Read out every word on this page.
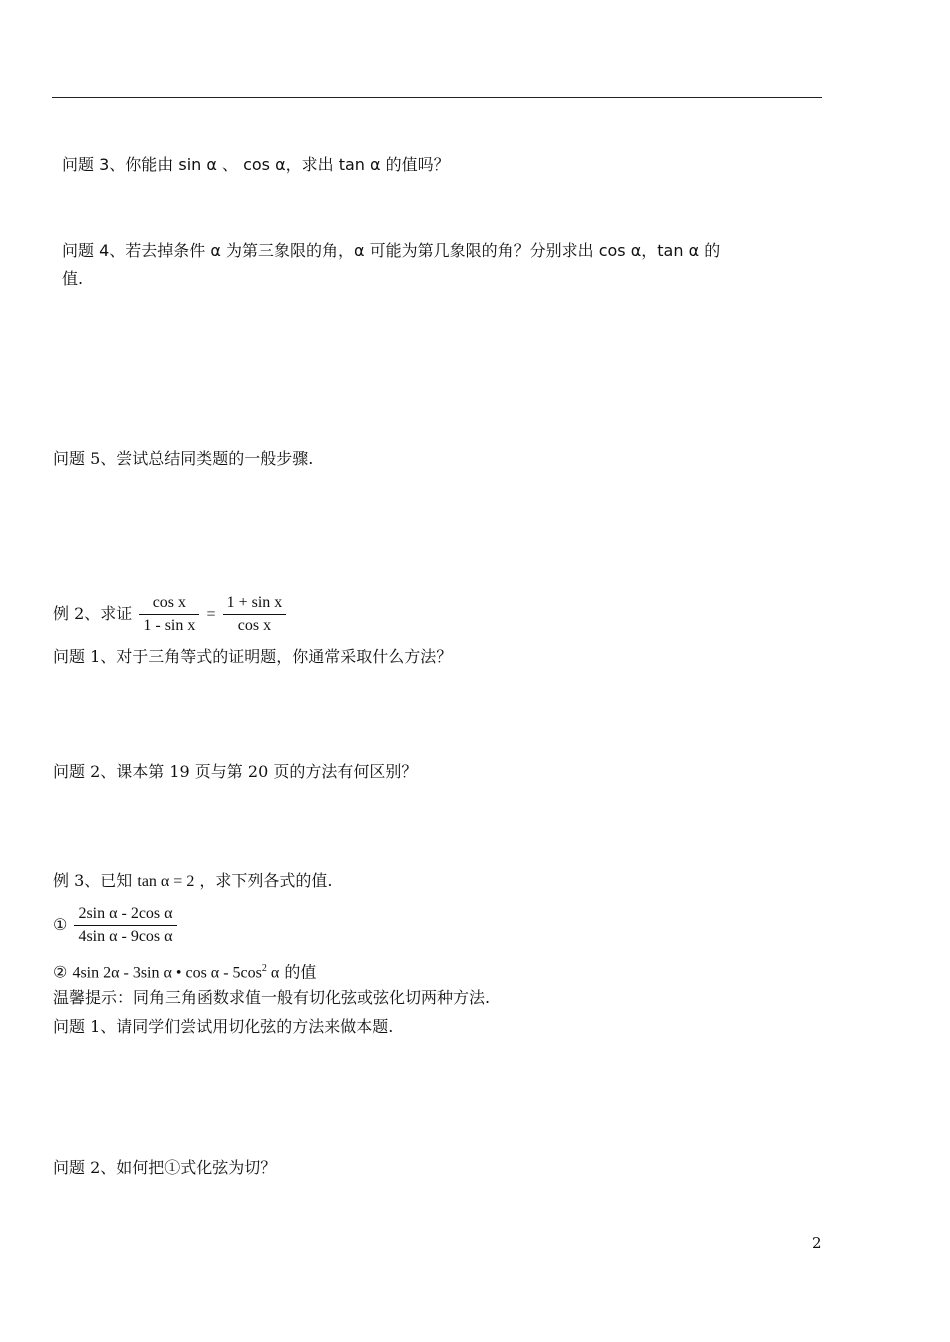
问题 3、你能由 sin α 、 cos α，求出 tan α 的值吗？
问题 4、若去掉条件 α 为第三象限的角，α 可能为第几象限的角？分别求出 cos α，tan α 的
值.
问题 5、尝试总结同类题的一般步骤.
例 2、求证 $\frac{\text{cos x}}{\text{1 - sin x}} = \frac{\text{1 + sin x}}{\text{cos x}}$
问题 1、对于三角等式的证明题，你通常采取什么方法？
问题 2、课本第 19 页与第 20 页的方法有何区别？
例 3、已知 tan α = 2 ，求下列各式的值.
① $\frac{\text{2sin α - 2cos α}}{\text{4sin α - 9cos α}}$
② 4sin 2α - 3sin α • cos α - $5\cos^2$ α 的值
温馨提示：同角三角函数求值一般有切化弦或弦化切两种方法.
问题 1、请同学们尝试用切化弦的方法来做本题.
问题 2、如何把①式化弦为切？
2
